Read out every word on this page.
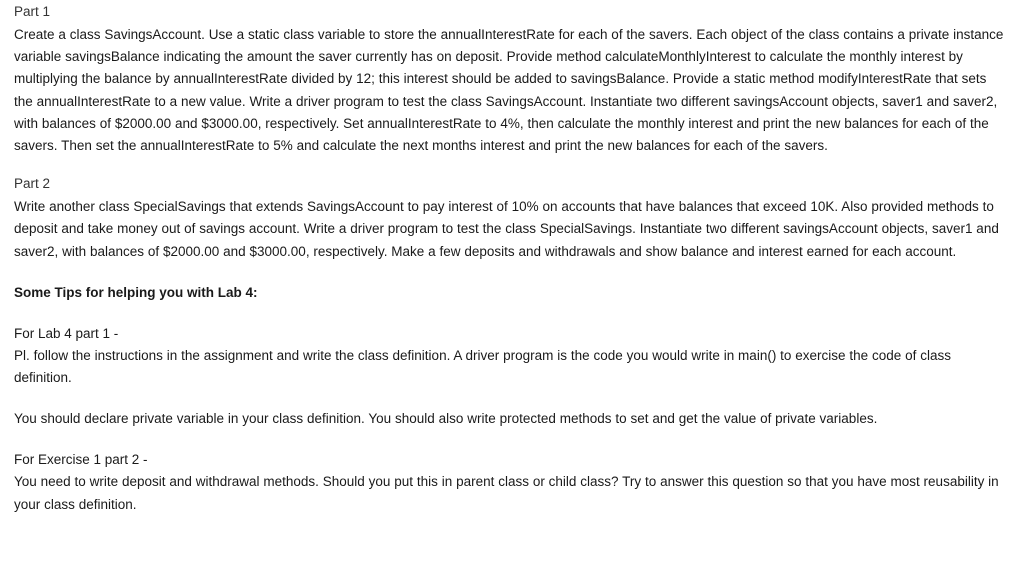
Part 1

Create a class SavingsAccount. Use a static class variable to store the annualInterestRate for each of the savers. Each object of the class contains a private instance variable savingsBalance indicating the amount the saver currently has on deposit. Provide method calculateMonthlyInterest to calculate the monthly interest by multiplying the balance by annualInterestRate divided by 12; this interest should be added to savingsBalance. Provide a static method modifyInterestRate that sets the annualInterestRate to a new value. Write a driver program to test the class SavingsAccount. Instantiate two different savingsAccount objects, saver1 and saver2, with balances of $2000.00 and $3000.00, respectively. Set annualInterestRate to 4%, then calculate the monthly interest and print the new balances for each of the savers. Then set the annualInterestRate to 5% and calculate the next months interest and print the new balances for each of the savers.

Part 2

Write another class SpecialSavings that extends SavingsAccount to pay interest of 10% on accounts that have balances that exceed 10K. Also provided methods to deposit and take money out of savings account. Write a driver program to test the class SpecialSavings. Instantiate two different savingsAccount objects, saver1 and saver2, with balances of $2000.00 and $3000.00, respectively. Make a few deposits and withdrawals and show balance and interest earned for each account.

Some Tips for helping you with Lab 4:
For Lab 4 part 1 -

Pl. follow the instructions in the assignment and write the class definition. A driver program is the code you would write in main() to exercise the code of class definition.

You should declare private variable in your class definition. You should also write protected methods to set and get the value of private variables.

For Exercise 1 part 2 -

You need to write deposit and withdrawal methods. Should you put this in parent class or child class? Try to answer this question so that you have most reusability in your class definition.
